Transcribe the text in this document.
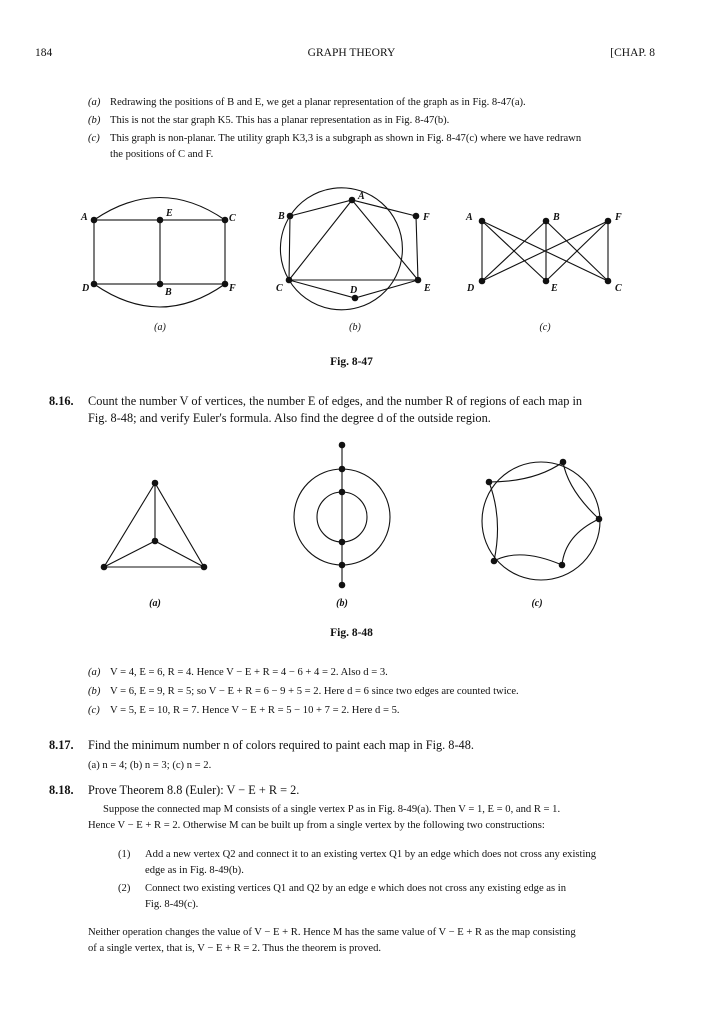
184	GRAPH THEORY	[CHAP. 8
(a) Redrawing the positions of B and E, we get a planar representation of the graph as in Fig. 8-47(a).
(b) This is not the star graph K5. This has a planar representation as in Fig. 8-47(b).
(c) This graph is non-planar. The utility graph K3,3 is a subgraph as shown in Fig. 8-47(c) where we have redrawn
the positions of C and F.
A	E	C
D	B	F
A
B	F
C	E
D
A	B	F
D	E	C
(a)	(b)	(c)
Fig. 8-47
8.16. Count the number V of vertices, the number E of edges, and the number R of regions of each map in
Fig. 8-48; and verify Euler's formula. Also find the degree d of the outside region.
(a)	(b)	(c)
Fig. 8-48
(a) V = 4, E = 6, R = 4. Hence V − E + R = 4 − 6 + 4 = 2. Also d = 3.
(b) V = 6, E = 9, R = 5; so V − E + R = 6 − 9 + 5 = 2. Here d = 6 since two edges are counted twice.
(c) V = 5, E = 10, R = 7. Hence V − E + R = 5 − 10 + 7 = 2. Here d = 5.
8.17. Find the minimum number n of colors required to paint each map in Fig. 8-48.
(a) n = 4; (b) n = 3; (c) n = 2.
8.18. Prove Theorem 8.8 (Euler): V − E + R = 2.
Suppose the connected map M consists of a single vertex P as in Fig. 8-49(a). Then V = 1, E = 0, and R = 1.
Hence V − E + R = 2. Otherwise M can be built up from a single vertex by the following two constructions:
(1) Add a new vertex Q2 and connect it to an existing vertex Q1 by an edge which does not cross any existing
edge as in Fig. 8-49(b).
(2) Connect two existing vertices Q1 and Q2 by an edge e which does not cross any existing edge as in
Fig. 8-49(c).
Neither operation changes the value of V − E + R. Hence M has the same value of V − E + R as the map consisting
of a single vertex, that is, V − E + R = 2. Thus the theorem is proved.
